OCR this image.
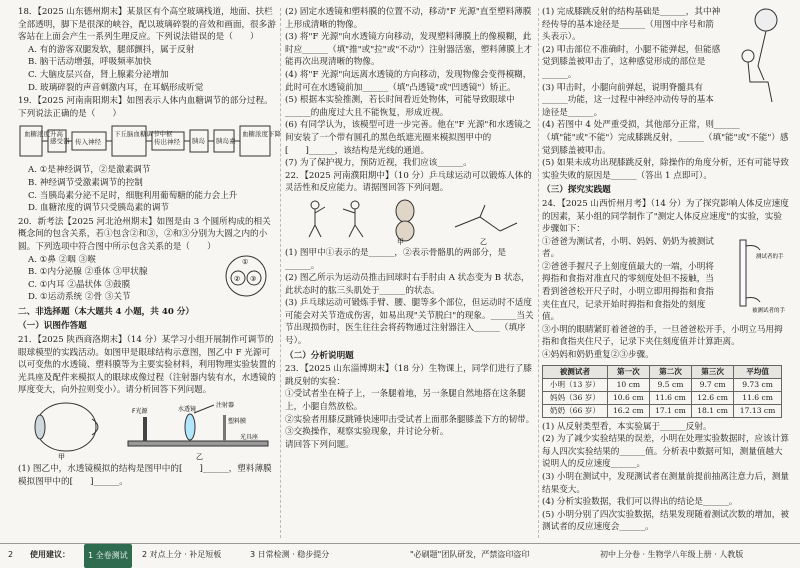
18．【2025 山东德州期末】某景区有个高空玻璃栈道，地面、扶栏全部透明，脚下是很深的峡谷，配以玻璃碎裂的音效和画面，很多游客站在上面会产生一系列生理反应。下列说法错误的是（　　）

A. 有的游客双腿发软，腿部颤抖，属于反射

B. 脑干活动增强，呼吸频率加快

C. 大脑皮层兴奋，肾上腺素分泌增加

D. 玻璃碎裂的声音刺激内耳，在耳蜗形成听觉

19．【2025 河南南阳期末】如图表示人体内血糖调节的部分过程。下列说法正确的是（　　）

血糖浓度升高
感受器 传入神经
下丘脑血糖调节中枢
传出神经 胰岛 胰岛素
血糖浓度下降

A. ①是神经调节，②是激素调节

B. 神经调节受激素调节的控制

C. 当胰岛素分泌不足时，细胞利用葡萄糖的能力会上升

D. 血糖浓度的调节只受胰岛素的调节

20．新考法【2025 河北沧州期末】如图是由 3 个圆所构成的相关概念间的包含关系，若①包含②和③，②和③分别为大圆之内的小圆。下列选项中符合图中所示包含关系的是（　　）

A. ①鼻 ②咽 ③喉

B. ①内分泌腺 ②垂体 ③甲状腺

C. ①内耳 ②晶状体 ③鼓膜

D. ①运动系统 ②骨 ③关节

①
② ③

二、非选择题（本大题共 4 小题，共 40 分）

（一）识图作答题

21．【2025 陕西商洛期末】（14 分）某学习小组开展制作可调节的眼球模型的实践活动。如图甲是眼球结构示意图，图乙中 F 光源可以可变焦的水透镜、塑料膜等为主要实验材料，利用物理实验装置的光具座及配件来模拟人的眼球成像过程（注射器内装有水，水透镜的厚度变大，向外拉则变小）。请分析回答下列问题。

甲
F光源	水透镜
塑料膜
注射器
光具座
乙

(1) 图乙中，水透镜模拟的结构是图甲中的[　　]______，塑料薄膜模拟图甲中的[　　]______。

(2) 固定水透镜和塑料膜的位置不动，移动"F 光源"直至塑料薄膜上形成清晰的物像。

(3) 将"F 光源"向水透镜方向移动，发现塑料薄膜上的像模糊，此时应______（填"推"或"拉"或"不动"）注射器活塞，塑料薄膜上才能再次出现清晰的物像。

(4) 将"F 光源"向远离水透镜的方向移动，发现物像会变得模糊，此时可在水透镜前加______（填"凸透镜"或"凹透镜"）矫正。

(5) 根据本实验推测，若长时间看近处物体，可能导致眼球中______的曲度过大且不能恢复，形成近视。

(6) 有同学认为，该模型可进一步完善。他在"F 光源"和水透镜之间安装了一个带有圆孔的黑色纸遮光圈来模拟图甲中的[　　]______，该结构是光线的通道。

(7) 为了保护视力，预防近视，我们应该______。

22．【2025 河南濮阳期中】（10 分）乒乓球运动可以锻炼人体的灵活性和反应能力。请据图回答下列问题。

甲	乙

(1) 图甲中①表示的是______，②表示骨骼肌的两部分，是______。

(2) 图乙所示为运动员推击回球时右手肘由 A 状态变为 B 状态，此状态时的肱三头肌处于______的状态。

(3) 乒乓球运动可锻炼手臂、腰、腿等多个部位，但运动时不适度可能会对关节造成伤害，如易出现"关节脱臼"的现象。______当关节出现损伤时，医生往往会将药物通过注射器注入______（填序号）。

（二）分析说明题

23．【2025 山东淄博期末】（18 分）生物课上，同学们进行了膝跳反射的实验：

①受试者坐在椅子上，一条腿着地，另一条腿自然地搭在这条腿上，小腿自然放松。

②实验者用膝反跳锤快速叩击受试者上面那条腿膝盖下方的韧带。

③交换操作，观察实验现象，并讨论分析。

请回答下列问题。

(1) 完成膝跳反射的结构基础是______，其中神经传导的基本途径是______（用图中序号和箭头表示）。

(2) 叩击部位不准确时，小腿不能弹起，但能感觉到膝盖被叩击了，这种感觉形成的部位是______。

(3) 叩击时，小腿向前弹起，说明脊髓具有______功能，这一过程中神经冲动传导的基本途径是______。

(4) 若图中 4 处严重受损，其他部分正常，则______（填"能"或"不能"）完成膝跳反射，______（填"能"或"不能"）感觉到膝盖被叩击。

(5) 如果未成功出现膝跳反射，除操作的角度分析，还有可能导致实验失败的原因是______（答出 1 点即可）。

（三）探究实践题

24．【2025 山西忻州月考】（14 分）为了探究影响人体反应速度的因素，某小组的同学制作了"测定人体反应速度"的实验，实验步骤如下：

①爸爸为测试者，小明、妈妈、奶奶为被测试者。

②爸爸手握尺子上刻度值最大的一端，小明将拇指和食指对准直尺的零刻度处但不接触，当看到爸爸松开尺子时，小明立即用拇指和食指夹住直尺，记录开始时拇指和食指处的刻度值。

测试者的手
被测试者的手

③小明的眼睛紧盯着爸爸的手，一旦爸爸松开手，小明立马用拇指和食指夹住尺子，记录下夹住刻度值并计算距离。

④妈妈和奶奶重复②③步骤。

被测试者	第一次	第二次	第三次	平均值
小明（13 岁）	10 cm	9.5 cm	9.7 cm	9.73 cm
妈妈（36 岁）	10.6 cm	11.6 cm	12.6 cm	11.6 cm
奶奶（66 岁）	16.2 cm	17.1 cm	18.1 cm	17.13 cm

(1) 从反射类型看，本实验属于______反射。

(2) 为了减少实验结果的误差，小明在处理实验数据时，应该计算每人四次实验结果的______值。分析表中数据可知，测量值越大说明人的反应速度______。

(3) 小明在测试中，发现测试者在测量前提前抽离注意力后，测量结果变大。

(4) 分析实验数据，我们可以得出的结论是______。

(5) 小明分别了四次实验数据，结果发现随着测试次数的增加，被测试者的反应速度会______。

2 使用建议：	1 全卷测试	2 对点上分 · 补足短板	3 日常检测 · 稳步提分	"必刷题"团队研发，严禁盗印盗印	初中上分卷 · 生物学八年级上册 · 人教版
